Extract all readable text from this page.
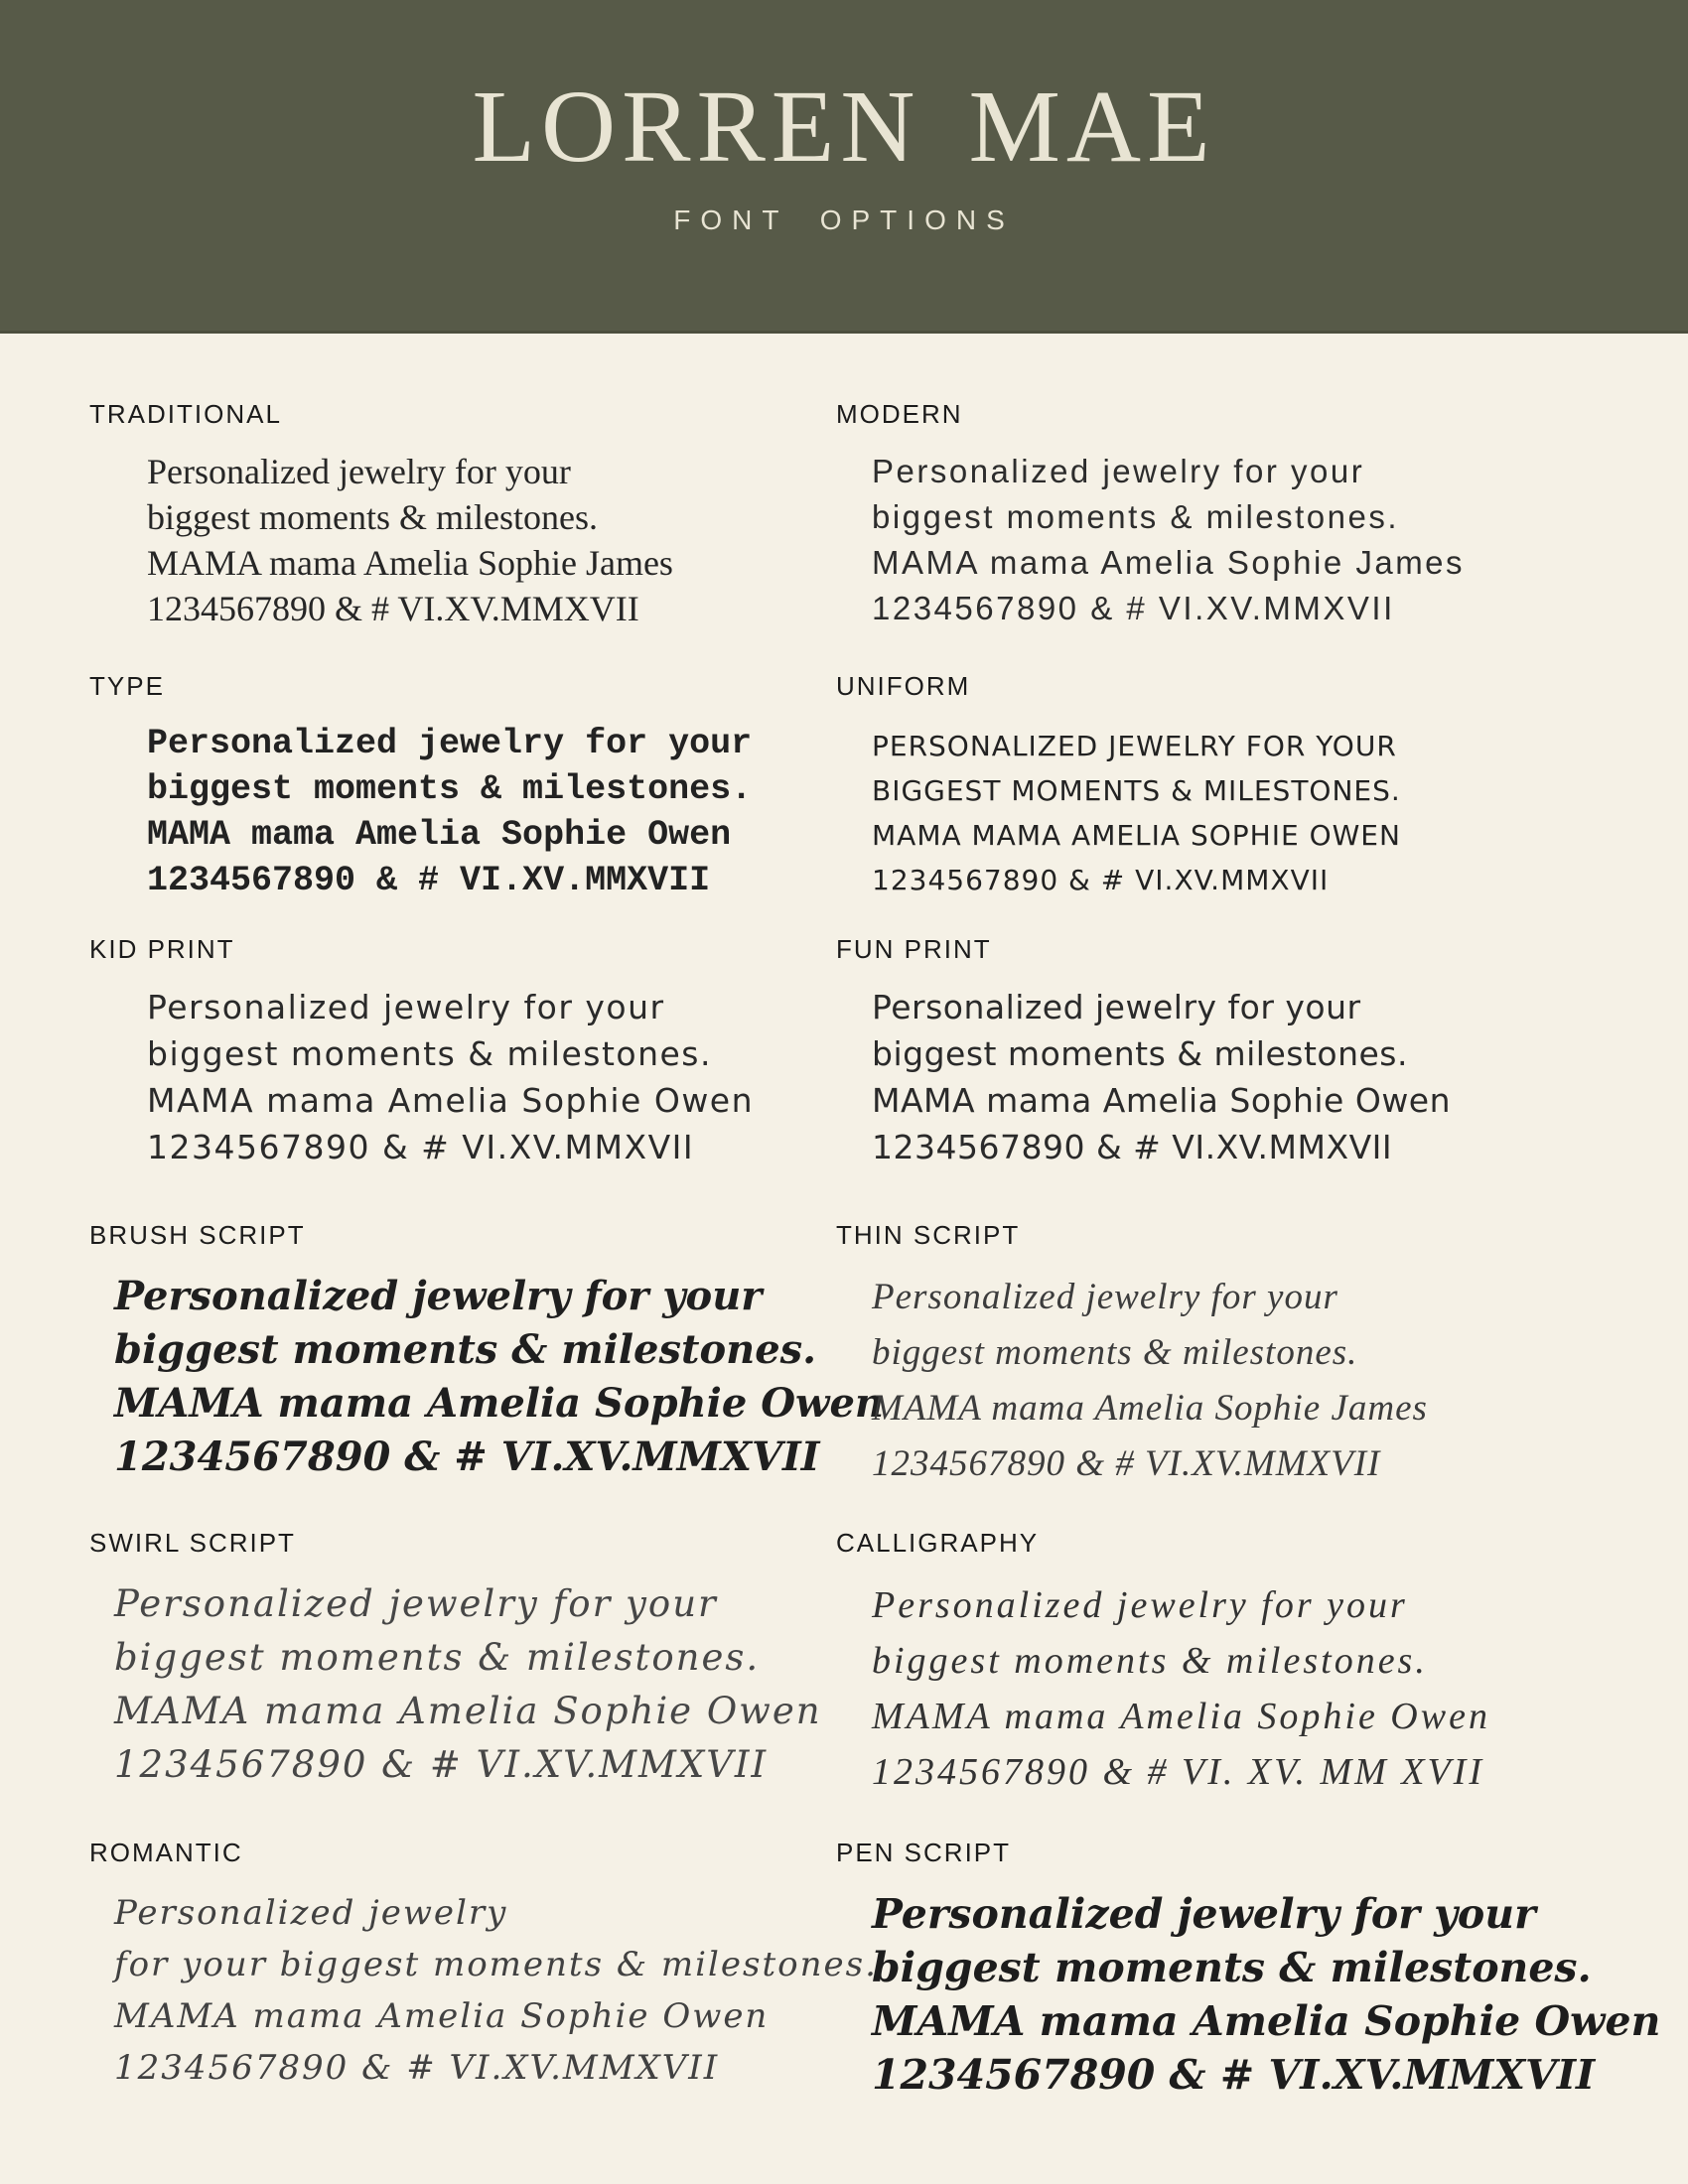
LORREN MAE
FONT OPTIONS
TRADITIONAL
Personalized jewelry for your
biggest moments & milestones.
MAMA mama Amelia Sophie James
1234567890 & # VI.XV.MMXVII
MODERN
Personalized jewelry for your
biggest moments & milestones.
MAMA mama Amelia Sophie James
1234567890 & # VI.XV.MMXVII
TYPE
Personalized jewelry for your
biggest moments & milestones.
MAMA mama Amelia Sophie Owen
1234567890 & # VI.XV.MMXVII
UNIFORM
Personalized jewelry for your
biggest moments & milestones.
MAMA mama Amelia Sophie Owen
1234567890 & # VI.XV.MMXVII
KID PRINT
Personalized jewelry for your
biggest moments & milestones.
MAMA mama Amelia Sophie Owen
1234567890 & # VI.XV.MMXVII
FUN PRINT
Personalized jewelry for your
biggest moments & milestones.
MAMA mama Amelia Sophie Owen
1234567890 & # VI.XV.MMXVII
BRUSH SCRIPT
Personalized jewelry for your
biggest moments & milestones.
MAMA mama Amelia Sophie Owen
1234567890 & # VI.XV.MMXVII
THIN SCRIPT
Personalized jewelry for your
biggest moments & milestones.
MAMA mama Amelia Sophie James
1234567890 & # VI.XV.MMXVII
SWIRL SCRIPT
Personalized jewelry for your
biggest moments & milestones.
MAMA mama Amelia Sophie Owen
1234567890 & # VI.XV.MMXVII
CALLIGRAPHY
Personalized jewelry for your
biggest moments & milestones.
MAMA mama Amelia Sophie Owen
1234567890 & # VI. XV. MM XVII
ROMANTIC
Personalized jewelry
for your biggest moments & milestones.
MAMA mama Amelia Sophie Owen
1234567890 & # VI.XV.MMXVII
PEN SCRIPT
Personalized jewelry for your
biggest moments & milestones.
MAMA mama Amelia Sophie Owen
1234567890 & # VI.XV.MMXVII
